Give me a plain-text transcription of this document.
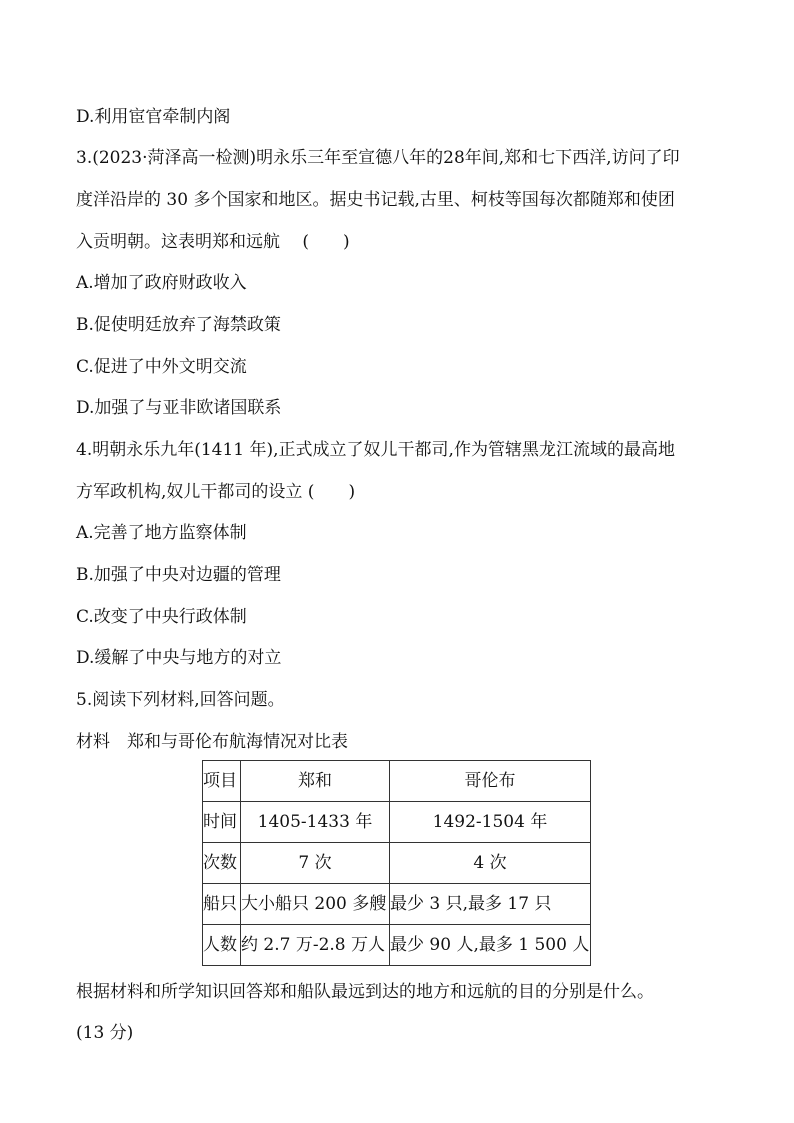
D.利用宦官牵制内阁
3.(2023·菏泽高一检测)明永乐三年至宣德八年的28年间,郑和七下西洋,访问了印
度洋沿岸的 30 多个国家和地区。据史书记载,古里、柯枝等国每次都随郑和使团
入贡明朝。这表明郑和远航　 (　　)
A.增加了政府财政收入
B.促使明廷放弃了海禁政策
C.促进了中外文明交流
D.加强了与亚非欧诸国联系
4.明朝永乐九年(1411 年),正式成立了奴儿干都司,作为管辖黑龙江流域的最高地
方军政机构,奴儿干都司的设立 (　　)
A.完善了地方监察体制
B.加强了中央对边疆的管理
C.改变了中央行政体制
D.缓解了中央与地方的对立
5.阅读下列材料,回答问题。
材料　郑和与哥伦布航海情况对比表
项目	郑和	哥伦布
时间	1405-1433 年	1492-1504 年
次数	7 次	4 次
船只	大小船只 200 多艘	最少 3 只,最多 17 只
人数	约 2.7 万-2.8 万人	最少 90 人,最多 1 500 人
根据材料和所学知识回答郑和船队最远到达的地方和远航的目的分别是什么。
(13 分)
